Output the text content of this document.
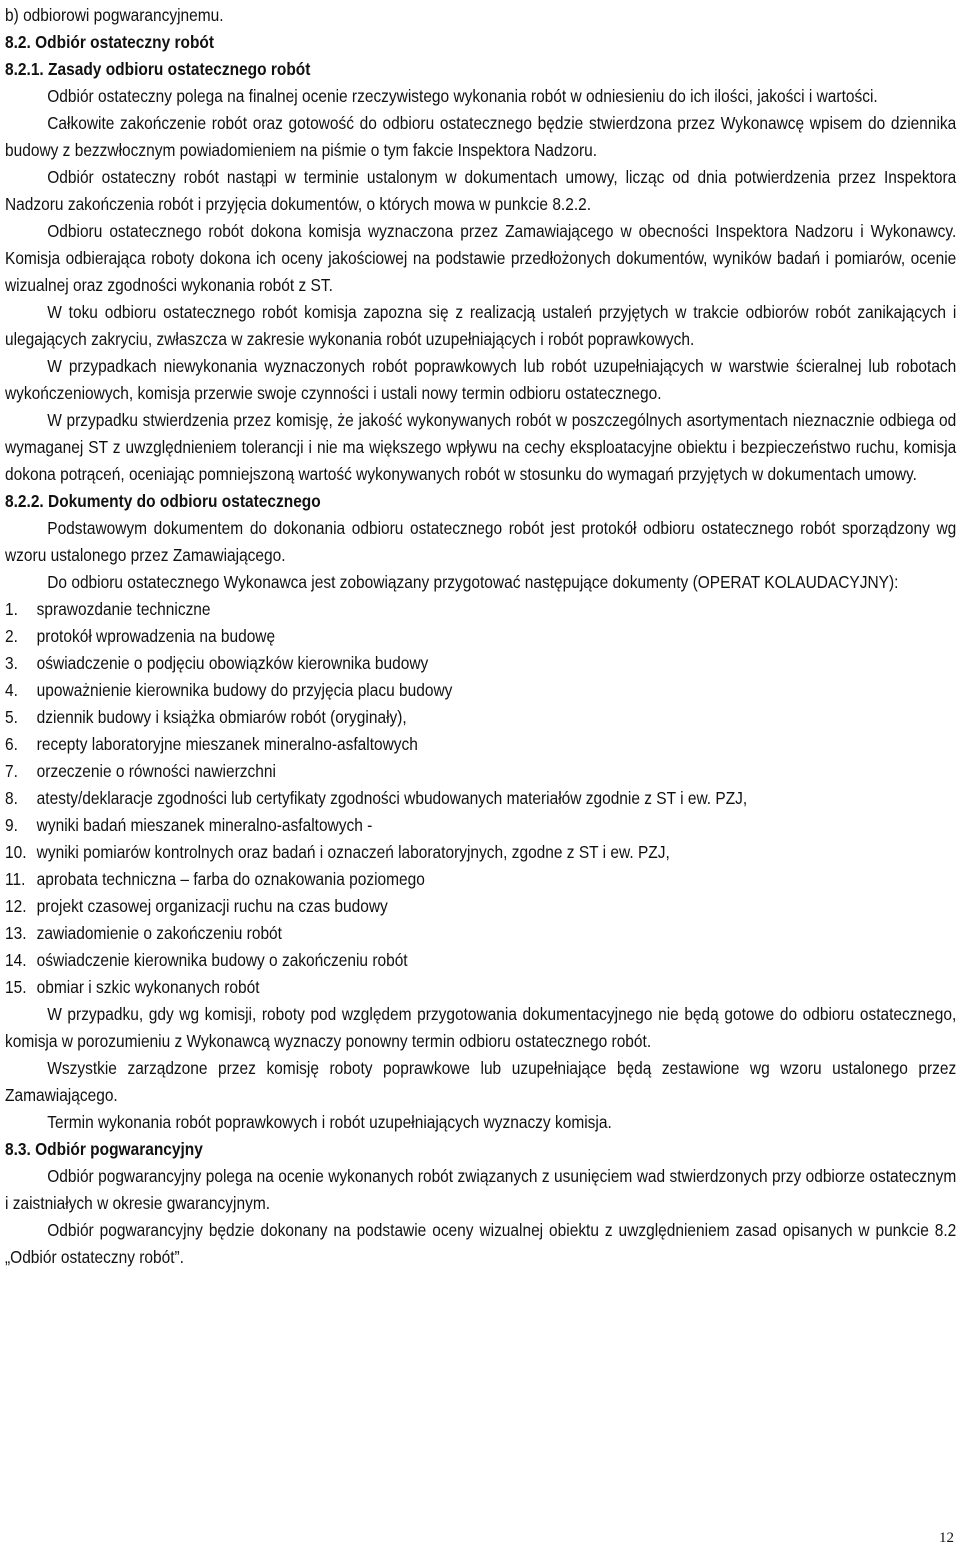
b) odbiorowi pogwarancyjnemu.
8.2. Odbiór ostateczny robót
8.2.1. Zasady odbioru ostatecznego robót
Odbiór ostateczny polega na finalnej ocenie rzeczywistego wykonania robót w odniesieniu do ich ilości, jakości i wartości.
Całkowite zakończenie robót oraz gotowość do odbioru ostatecznego będzie stwierdzona przez Wykonawcę wpisem do dziennika budowy z bezzwłocznym powiadomieniem na piśmie o tym fakcie Inspektora Nadzoru.
Odbiór ostateczny robót nastąpi w terminie ustalonym w dokumentach umowy, licząc od dnia potwierdzenia przez Inspektora Nadzoru zakończenia robót i przyjęcia dokumentów, o których mowa w punkcie 8.2.2.
Odbioru ostatecznego robót dokona komisja wyznaczona przez Zamawiającego w obecności Inspektora Nadzoru i Wykonawcy. Komisja odbierająca roboty dokona ich oceny jakościowej na podstawie przedłożonych dokumentów, wyników badań i pomiarów, ocenie wizualnej oraz zgodności wykonania robót z ST.
W toku odbioru ostatecznego robót komisja zapozna się z realizacją ustaleń przyjętych w trakcie odbiorów robót zanikających i ulegających zakryciu, zwłaszcza w zakresie wykonania robót uzupełniających i robót poprawkowych.
W przypadkach niewykonania wyznaczonych robót poprawkowych lub robót uzupełniających w warstwie ścieralnej lub robotach wykończeniowych, komisja przerwie swoje czynności i ustali nowy termin odbioru ostatecznego.
W przypadku stwierdzenia przez komisję, że jakość wykonywanych robót w poszczególnych asortymentach nieznacznie odbiega od wymaganej ST z uwzględnieniem tolerancji i nie ma większego wpływu na cechy eksploatacyjne obiektu i bezpieczeństwo ruchu, komisja dokona potrąceń, oceniając pomniejszoną wartość wykonywanych robót w stosunku do wymagań przyjętych w dokumentach umowy.
8.2.2. Dokumenty do odbioru ostatecznego
Podstawowym dokumentem do dokonania odbioru ostatecznego robót jest protokół odbioru ostatecznego robót sporządzony wg wzoru ustalonego przez Zamawiającego.
Do odbioru ostatecznego Wykonawca jest zobowiązany przygotować następujące dokumenty (OPERAT KOLAUDACYJNY):
1. sprawozdanie techniczne
2. protokół wprowadzenia na budowę
3. oświadczenie o podjęciu obowiązków kierownika budowy
4. upoważnienie kierownika budowy do przyjęcia placu budowy
5. dziennik budowy i książka obmiarów robót (oryginały),
6. recepty laboratoryjne mieszanek mineralno-asfaltowych
7. orzeczenie o równości nawierzchni
8. atesty/deklaracje zgodności lub certyfikaty zgodności wbudowanych materiałów zgodnie z ST i ew. PZJ,
9. wyniki badań mieszanek mineralno-asfaltowych -
10. wyniki pomiarów kontrolnych oraz badań i oznaczeń laboratoryjnych, zgodne z ST i ew. PZJ,
11. aprobata techniczna – farba do oznakowania poziomego
12. projekt czasowej organizacji ruchu na czas budowy
13. zawiadomienie o zakończeniu robót
14. oświadczenie kierownika budowy o zakończeniu robót
15. obmiar i szkic wykonanych robót
W przypadku, gdy wg komisji, roboty pod względem przygotowania dokumentacyjnego nie będą gotowe do odbioru ostatecznego, komisja w porozumieniu z Wykonawcą wyznaczy ponowny termin odbioru ostatecznego robót.
Wszystkie zarządzone przez komisję roboty poprawkowe lub uzupełniające będą zestawione wg wzoru ustalonego przez Zamawiającego.
Termin wykonania robót poprawkowych i robót uzupełniających wyznaczy komisja.
8.3. Odbiór pogwarancyjny
Odbiór pogwarancyjny polega na ocenie wykonanych robót związanych z usunięciem wad stwierdzonych przy odbiorze ostatecznym i zaistniałych w okresie gwarancyjnym.
Odbiór pogwarancyjny będzie dokonany na podstawie oceny wizualnej obiektu z uwzględnieniem zasad opisanych w punkcie 8.2 „Odbiór ostateczny robót”.
12
